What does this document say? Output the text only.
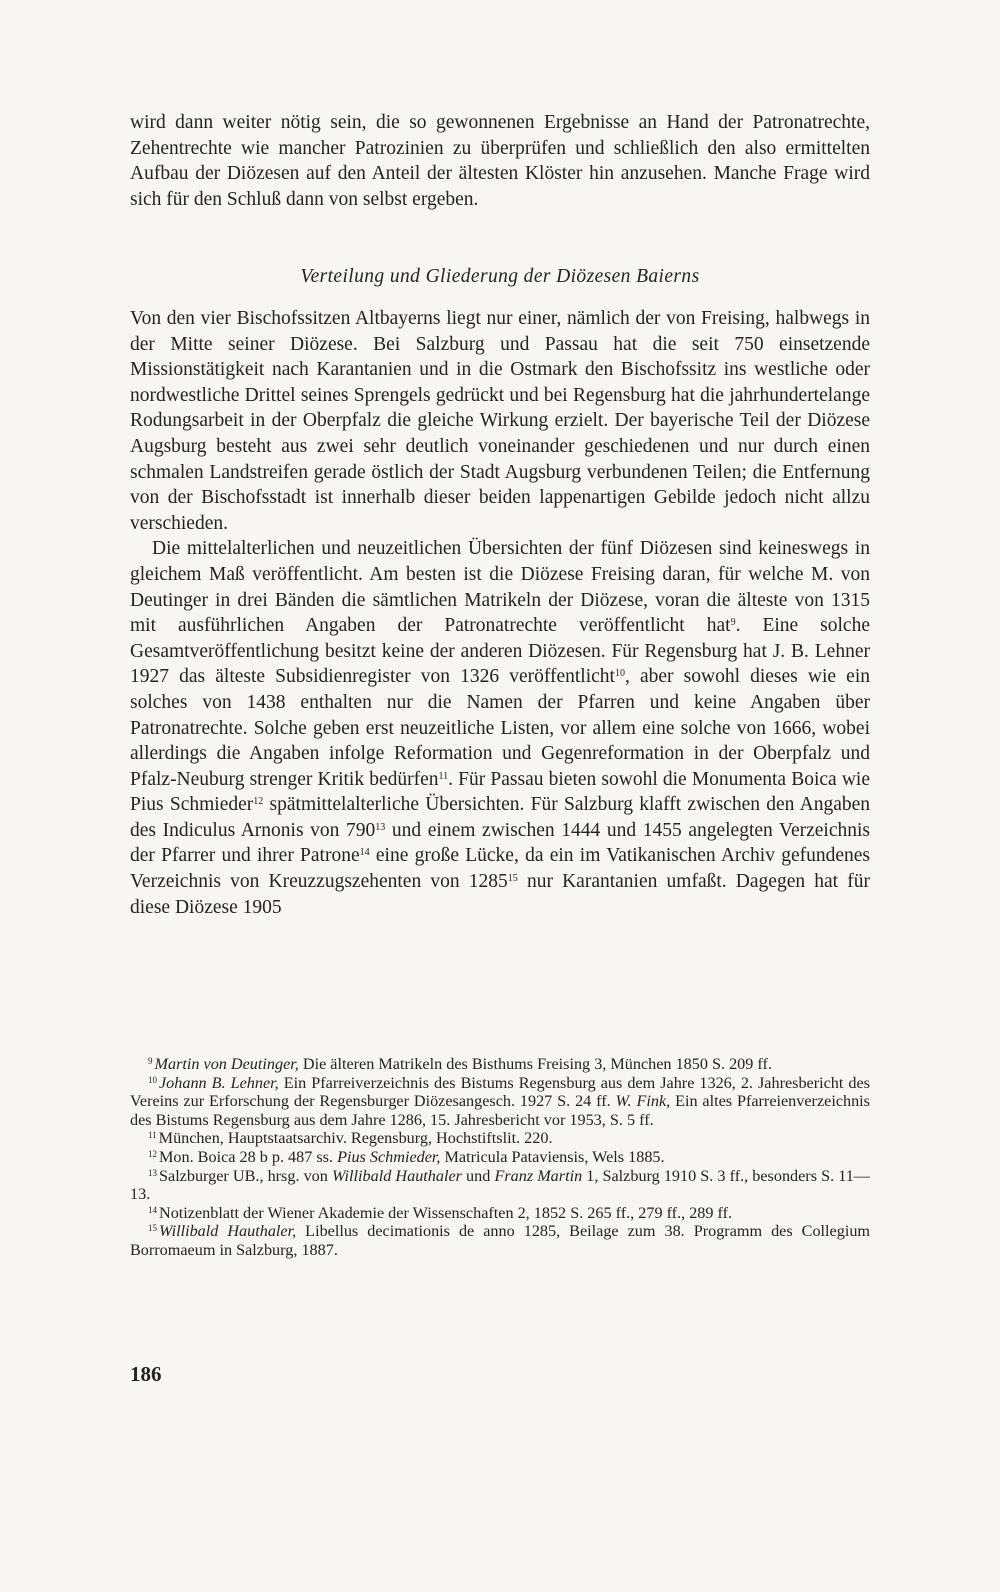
wird dann weiter nötig sein, die so gewonnenen Ergebnisse an Hand der Patronatrechte, Zehentrechte wie mancher Patrozinien zu überprüfen und schließlich den also ermittelten Aufbau der Diözesen auf den Anteil der ältesten Klöster hin anzusehen. Manche Frage wird sich für den Schluß dann von selbst ergeben.

Verteilung und Gliederung der Diözesen Baierns

Von den vier Bischofssitzen Altbayerns liegt nur einer, nämlich der von Freising, halbwegs in der Mitte seiner Diözese. Bei Salzburg und Passau hat die seit 750 einsetzende Missionstätigkeit nach Karantanien und in die Ostmark den Bischofssitz ins westliche oder nordwestliche Drittel seines Sprengels gedrückt und bei Regensburg hat die jahrhundertelange Rodungsarbeit in der Oberpfalz die gleiche Wirkung erzielt. Der bayerische Teil der Diözese Augsburg besteht aus zwei sehr deutlich voneinander geschiedenen und nur durch einen schmalen Landstreifen gerade östlich der Stadt Augsburg verbundenen Teilen; die Entfernung von der Bischofsstadt ist innerhalb dieser beiden lappenartigen Gebilde jedoch nicht allzu verschieden.

Die mittelalterlichen und neuzeitlichen Übersichten der fünf Diözesen sind keineswegs in gleichem Maß veröffentlicht. Am besten ist die Diözese Freising daran, für welche M. von Deutinger in drei Bänden die sämtlichen Matrikeln der Diözese, voran die älteste von 1315 mit ausführlichen Angaben der Patronatrechte veröffentlicht hat$^9$. Eine solche Gesamtveröffentlichung besitzt keine der anderen Diözesen. Für Regensburg hat J. B. Lehner 1927 das älteste Subsidienregister von 1326 veröffentlicht$^{10}$, aber sowohl dieses wie ein solches von 1438 enthalten nur die Namen der Pfarren und keine Angaben über Patronatrechte. Solche geben erst neuzeitliche Listen, vor allem eine solche von 1666, wobei allerdings die Angaben infolge Reformation und Gegenreformation in der Oberpfalz und Pfalz-Neuburg strenger Kritik bedürfen$^{11}$. Für Passau bieten sowohl die Monumenta Boica wie Pius Schmieder$^{12}$ spätmittelalterliche Übersichten. Für Salzburg klafft zwischen den Angaben des Indiculus Arnonis von $790^{13}$ und einem zwischen 1444 und 1455 angelegten Verzeichnis der Pfarrer und ihrer Patrone$^{14}$ eine große Lücke, da ein im Vatikanischen Archiv gefundenes Verzeichnis von Kreuzzugszehenten von 1285$^{15}$ nur Karantanien umfaßt. Dagegen hat für diese Diözese 1905

$^9$ Martin von Deutinger, Die älteren Matrikeln des Bisthums Freising 3, München 1850 S. 209 ff.

$^{10}$ Johann B. Lehner, Ein Pfarreiverzeichnis des Bistums Regensburg aus dem Jahre 1326, 2. Jahresbericht des Vereins zur Erforschung der Regensburger Diözesangesch. 1927 S. 24 ff. W. Fink, Ein altes Pfarreienverzeichnis des Bistums Regensburg aus dem Jahre 1286, 15. Jahresbericht vor 1953, S. 5 ff.

$^{11}$ München, Hauptstaatsarchiv. Regensburg, Hochstiftslit. 220.

$^{12}$ Mon. Boica 28 b p. 487 ss. Pius Schmieder, Matricula Pataviensis, Wels 1885.

$^{13}$ Salzburger UB., hrsg. von Willibald Hauthaler und Franz Martin 1, Salzburg 1910 S. 3 ff., besonders S. 11—13.

$^{14}$ Notizenblatt der Wiener Akademie der Wissenschaften 2, 1852 S. 265 ff., 279 ff., 289 ff.

$^{15}$ Willibald Hauthaler, Libellus decimationis de anno 1285, Beilage zum 38. Programm des Collegium Borromaeum in Salzburg, 1887.

186
